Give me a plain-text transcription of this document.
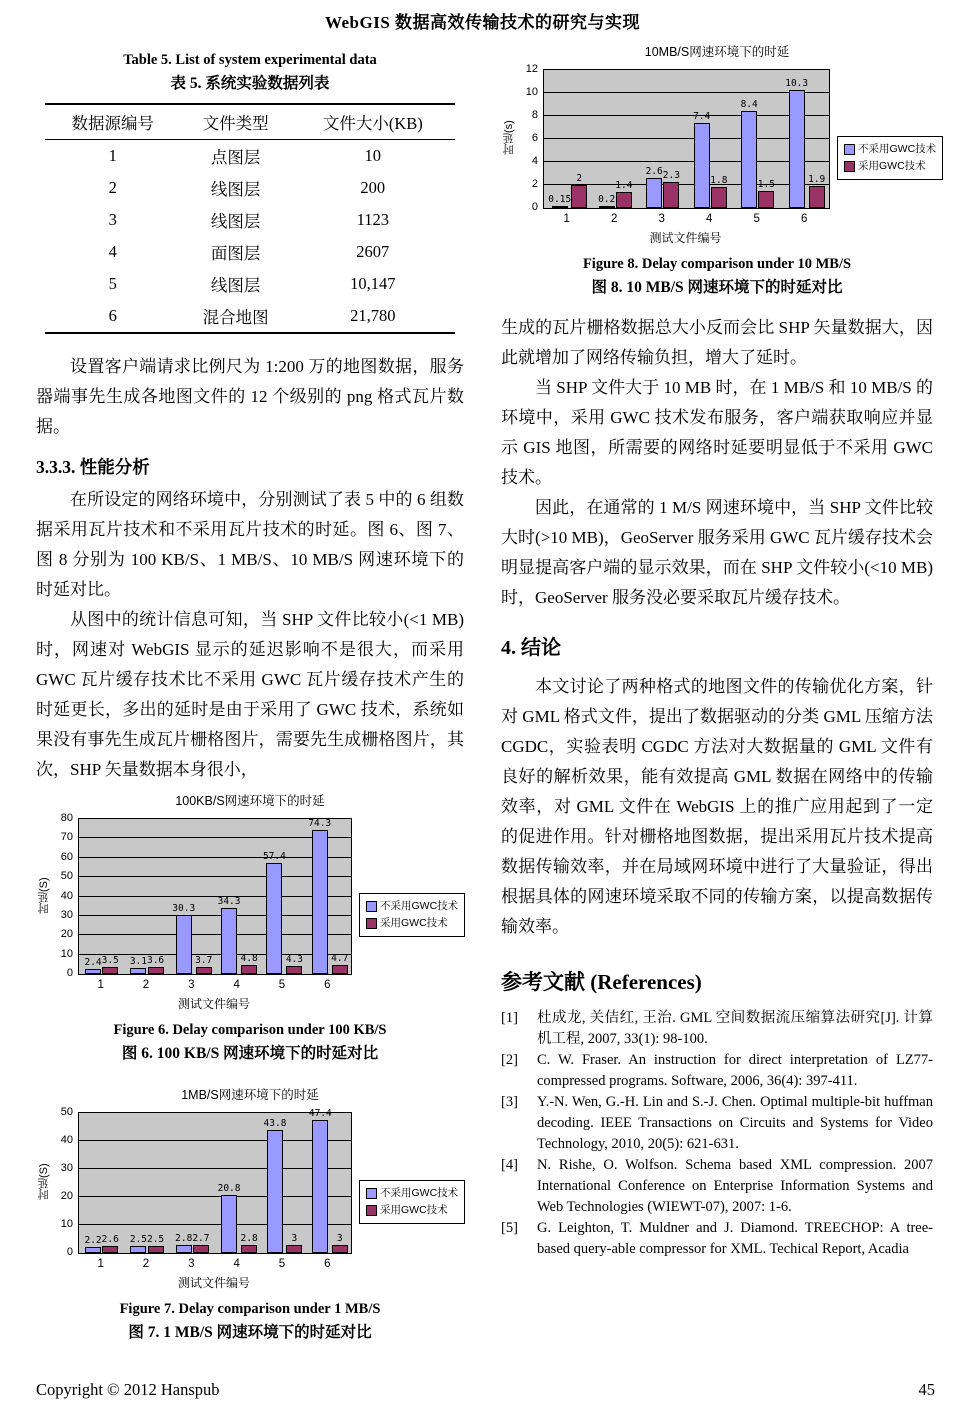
WebGIS 数据高效传输技术的研究与实现
Table 5. List of system experimental data
表 5. 系统实验数据列表
数据源编号	文件类型	文件大小(KB)
1	点图层	10
2	线图层	200
3	线图层	1123
4	面图层	2607
5	线图层	10,147
6	混合地图	21,780

设置客户端请求比例尺为 1:200 万的地图数据，服务器端事先生成各地图文件的 12 个级别的 png 格式瓦片数据。

3.3.3. 性能分析

在所设定的网络环境中，分别测试了表 5 中的 6 组数据采用瓦片技术和不采用瓦片技术的时延。图 6、图 7、图 8 分别为 100 KB/S、1 MB/S、10 MB/S 网速环境下的时延对比。

从图中的统计信息可知，当 SHP 文件比较小(<1 MB)时，网速对 WebGIS 显示的延迟影响不是很大，而采用 GWC 瓦片缓存技术比不采用 GWC 瓦片缓存技术产生的时延更长，多出的延时是由于采用了 GWC 技术，系统如果没有事先生成瓦片栅格图片，需要先生成栅格图片，其次，SHP 矢量数据本身很小，

100KB/S网速环境下的时延
时延(S)
0
10
20
30
40
50
60
70
80
2.4 3.5 3.1 3.6
30.3
3.7
34.3
4.8
57.4
4.3
74.3
4.7
1	2	3	4	5	6
测试文件编号
不采用GWC技术
采用GWC技术
Figure 6. Delay comparison under 100 KB/S
图 6. 100 KB/S 网速环境下的时延对比
1MB/S网速环境下的时延
时延(S)
0
10
20
30
40
50
2.2 2.6 2.5 2.5 2.8 2.7
20.8
2.8
43.8
3
47.4
3
1	2	3	4	5	6
测试文件编号
不采用GWC技术
采用GWC技术
Figure 7. Delay comparison under 1 MB/S
图 7. 1 MB/S 网速环境下的时延对比
10MB/S网速环境下的时延
时延(s)
0
2
4
6
8
10
12
0.15
2
0.2
1.4
2.6 2.3
7.4
1.8
8.4
1.5
10.3
1.9
1	2	3	4	5	6
测试文件编号
不采用GWC技术
采用GWC技术
Figure 8. Delay comparison under 10 MB/S
图 8. 10 MB/S 网速环境下的时延对比

生成的瓦片栅格数据总大小反而会比 SHP 矢量数据大，因此就增加了网络传输负担，增大了延时。

当 SHP 文件大于 10 MB 时，在 1 MB/S 和 10 MB/S 的环境中，采用 GWC 技术发布服务，客户端获取响应并显示 GIS 地图，所需要的网络时延要明显低于不采用 GWC 技术。

因此，在通常的 1 M/S 网速环境中，当 SHP 文件比较大时(>10 MB)，GeoServer 服务采用 GWC 瓦片缓存技术会明显提高客户端的显示效果，而在 SHP 文件较小(<10 MB)时，GeoServer 服务没必要采取瓦片缓存技术。

4. 结论

本文讨论了两种格式的地图文件的传输优化方案，针对 GML 格式文件，提出了数据驱动的分类 GML 压缩方法 CGDC，实验表明 CGDC 方法对大数据量的 GML 文件有良好的解析效果，能有效提高 GML 数据在网络中的传输效率，对 GML 文件在 WebGIS 上的推广应用起到了一定的促进作用。针对栅格地图数据，提出采用瓦片技术提高数据传输效率，并在局域网环境中进行了大量验证，得出根据具体的网速环境采取不同的传输方案，以提高数据传输效率。

参考文献 (References)
[1]	杜成龙, 关佶红, 王治. GML 空间数据流压缩算法研究[J]. 计算机工程, 2007, 33(1): 98-100.
[2]	C. W. Fraser. An instruction for direct interpretation of LZ77-compressed programs. Software, 2006, 36(4): 397-411.
[3]	Y.-N. Wen, G.-H. Lin and S.-J. Chen. Optimal multiple-bit huffman decoding. IEEE Transactions on Circuits and Systems for Video Technology, 2010, 20(5): 621-631.
[4]	N. Rishe, O. Wolfson. Schema based XML compression. 2007 International Conference on Enterprise Information Systems and Web Technologies (WIEWT-07), 2007: 1-6.
[5]	G. Leighton, T. Muldner and J. Diamond. TREECHOP: A tree-based query-able compressor for XML. Techical Report, Acadia
Copyright © 2012 Hanspub	45
